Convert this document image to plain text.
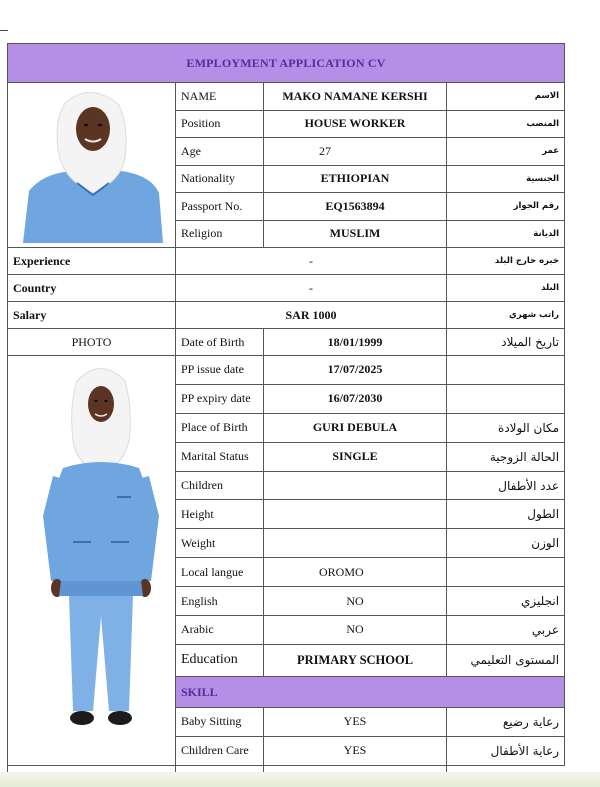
EMPLOYMENT APPLICATION CV			
	NAME	MAKO NAMANE KERSHI	الاسم
	Position	HOUSE WORKER	المنصب
	Age	27	عمر
	Nationality	ETHIOPIAN	الجنسية
	Passport No.	EQ1563894	رقم الجواز
	Religion	MUSLIM	الديانة
Experience	-		خبره خارج البلد
Country	-		البلد
Salary	SAR 1000		راتب شهري
PHOTO	Date of Birth	18/01/1999	تاريخ الميلاد
	PP issue date	17/07/2025	
	PP expiry date	16/07/2030	
	Place of Birth	GURI DEBULA	مكان الولادة
	Marital Status	SINGLE	الحالة الزوجية
	Children		عدد الأطفال
	Height		الطول
	Weight		الوزن
	Local langue	OROMO	
	English	NO	انجليزي
	Arabic	NO	عربي
	Education	PRIMARY SCHOOL	المستوى التعليمي
	SKILL		
	Baby Sitting	YES	رعاية رضيع
	Children Care	YES	رعاية الأطفال
